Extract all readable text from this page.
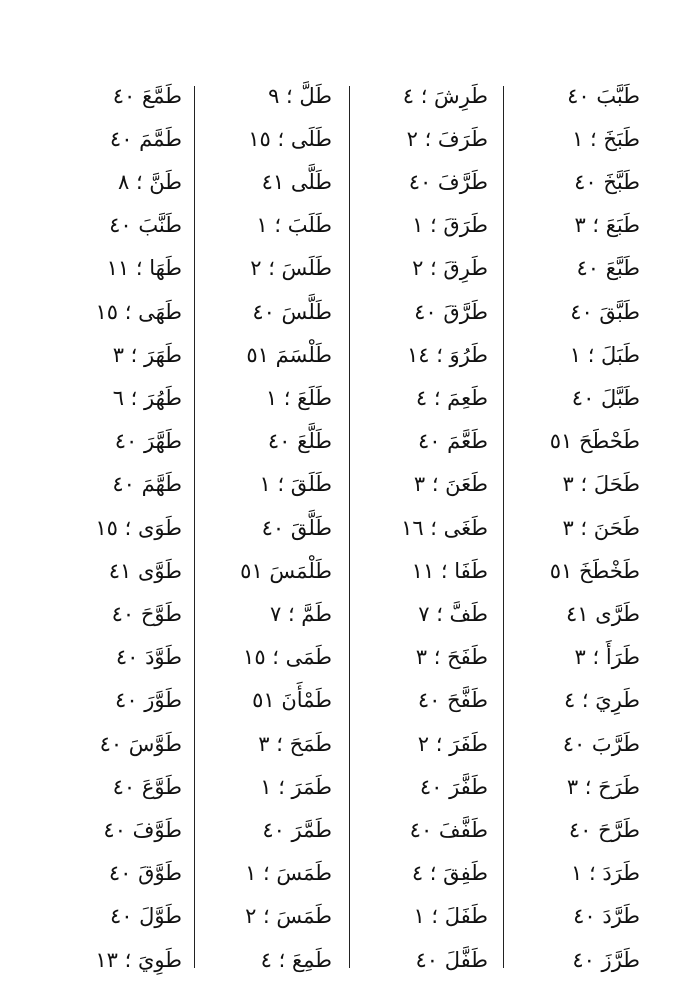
طَبَّبَ ٤٠
طَبَخَ ؛ ١
طَبَّخَ ٤٠
طَبَعَ ؛ ٣
طَبَّعَ ٤٠
طَبَّقَ ٤٠
طَبَلَ ؛ ١
طَبَّلَ ٤٠
طَحْطَحَ ٥١
طَحَلَ ؛ ٣
طَحَنَ ؛ ٣
طَخْطَخَ ٥١
طَرَّى ٤١
طَرَأَ ؛ ٣
طَرِيَ ؛ ٤
طَرَّبَ ٤٠
طَرَحَ ؛ ٣
طَرَّحَ ٤٠
طَرَدَ ؛ ١
طَرَّدَ ٤٠
طَرَّزَ ٤٠
طَرِشَ ؛ ٤
طَرَفَ ؛ ٢
طَرَّفَ ٤٠
طَرَقَ ؛ ١
طَرِقَ ؛ ٢
طَرَّقَ ٤٠
طَرُوَ ؛ ١٤
طَعِمَ ؛ ٤
طَعَّمَ ٤٠
طَعَنَ ؛ ٣
طَغَى ؛ ١٦
طَفَا ؛ ١١
طَفَّ ؛ ٧
طَفَحَ ؛ ٣
طَفَّحَ ٤٠
طَفَرَ ؛ ٢
طَفَّرَ ٤٠
طَفَّفَ ٤٠
طَفِقَ ؛ ٤
طَفَلَ ؛ ١
طَفَّلَ ٤٠
طَلَّ ؛ ٩
طَلَى ؛ ١٥
طَلَّى ٤١
طَلَبَ ؛ ١
طَلَسَ ؛ ٢
طَلَّسَ ٤٠
طَلْسَمَ ٥١
طَلَعَ ؛ ١
طَلَّعَ ٤٠
طَلَقَ ؛ ١
طَلَّقَ ٤٠
طَلْمَسَ ٥١
طَمَّ ؛ ٧
طَمَى ؛ ١٥
طَمْأَنَ ٥١
طَمَحَ ؛ ٣
طَمَرَ ؛ ١
طَمَّرَ ٤٠
طَمَسَ ؛ ١
طَمَسَ ؛ ٢
طَمِعَ ؛ ٤
طَمَّعَ ٤٠
طَمَّمَ ٤٠
طَنَّ ؛ ٨
طَنَّبَ ٤٠
طَهَا ؛ ١١
طَهَى ؛ ١٥
طَهَرَ ؛ ٣
طَهُرَ ؛ ٦
طَهَّرَ ٤٠
طَهَّمَ ٤٠
طَوَى ؛ ١٥
طَوَّى ٤١
طَوَّحَ ٤٠
طَوَّدَ ٤٠
طَوَّرَ ٤٠
طَوَّسَ ٤٠
طَوَّعَ ٤٠
طَوَّفَ ٤٠
طَوَّقَ ٤٠
طَوَّلَ ٤٠
طَوِيَ ؛ ١٣
